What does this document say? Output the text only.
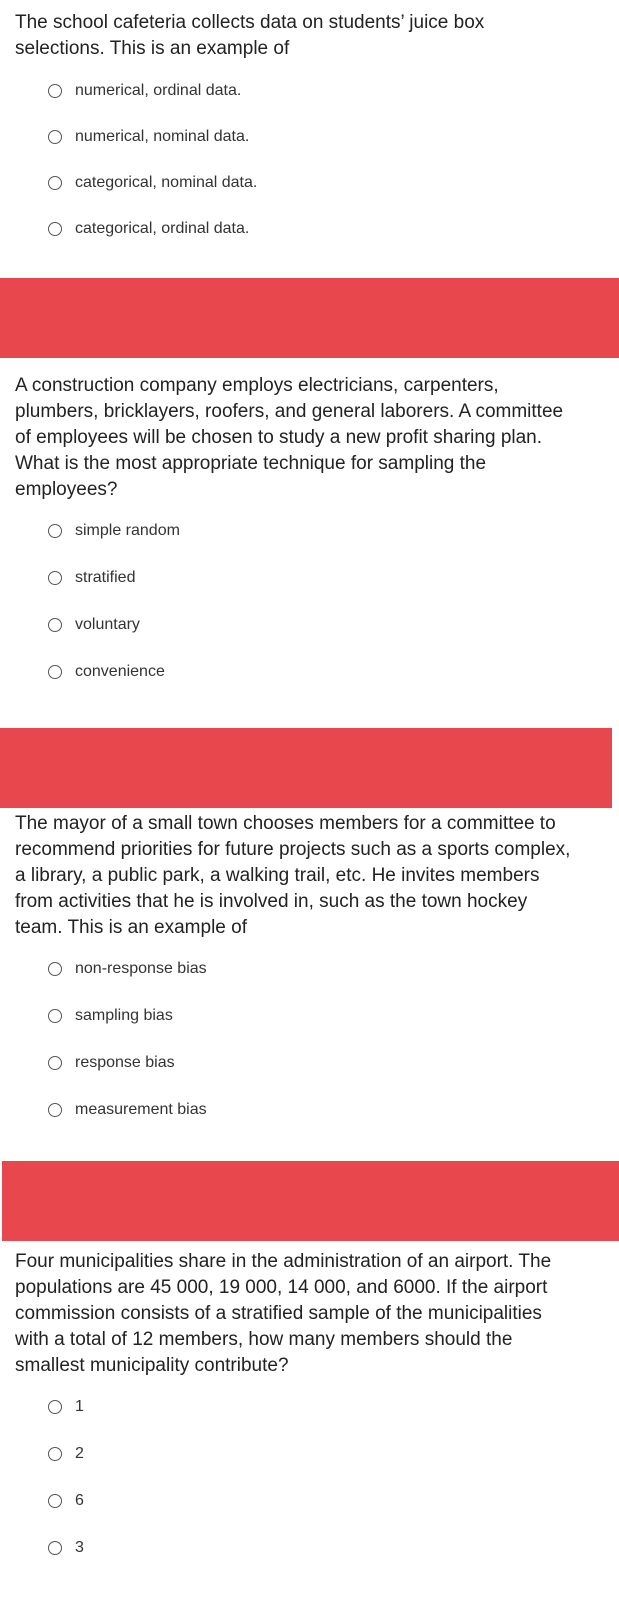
The school cafeteria collects data on students’ juice box selections. This is an example of

numerical, ordinal data.
numerical, nominal data.
categorical, nominal data.
categorical, ordinal data.

A construction company employs electricians, carpenters, plumbers, bricklayers, roofers, and general laborers. A committee of employees will be chosen to study a new profit sharing plan. What is the most appropriate technique for sampling the employees?

simple random
stratified
voluntary
convenience

The mayor of a small town chooses members for a committee to recommend priorities for future projects such as a sports complex, a library, a public park, a walking trail, etc. He invites members from activities that he is involved in, such as the town hockey team. This is an example of

non-response bias
sampling bias
response bias
measurement bias

Four municipalities share in the administration of an airport. The populations are 45 000, 19 000, 14 000, and 6000. If the airport commission consists of a stratified sample of the municipalities with a total of 12 members, how many members should the smallest municipality contribute?

1
2
6
3
